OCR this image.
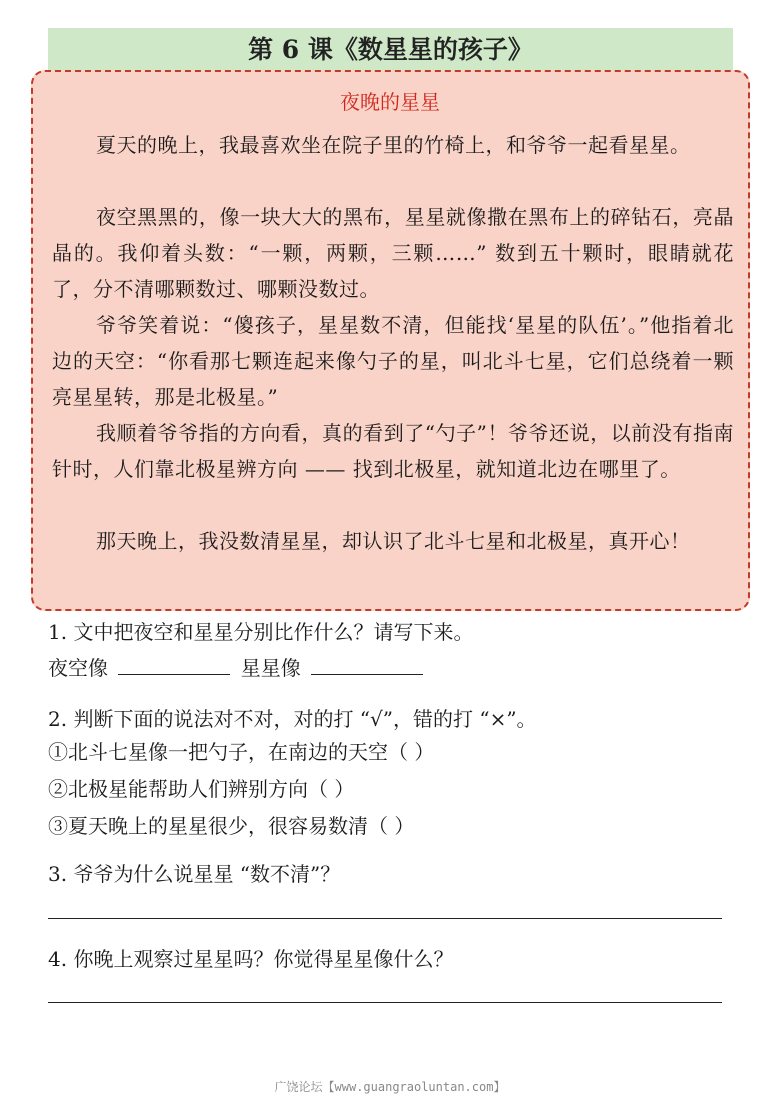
第 6 课《数星星的孩子》
夜晚的星星

夏天的晚上，我最喜欢坐在院子里的竹椅上，和爷爷一起看星星。

夜空黑黑的，像一块大大的黑布，星星就像撒在黑布上的碎钻石，亮晶晶的。我仰着头数：“一颗，两颗，三颗……” 数到五十颗时，眼睛就花了，分不清哪颗数过、哪颗没数过。

爷爷笑着说：“傻孩子，星星数不清，但能找‘星星的队伍’。”他指着北边的天空：“你看那七颗连起来像勺子的星，叫北斗七星，它们总绕着一颗亮星星转，那是北极星。”

我顺着爷爷指的方向看，真的看到了“勺子”！爷爷还说，以前没有指南针时，人们靠北极星辨方向 —— 找到北极星，就知道北边在哪里了。

那天晚上，我没数清星星，却认识了北斗七星和北极星，真开心！

1. 文中把夜空和星星分别比作什么？请写下来。

夜空像	星星像

2. 判断下面的说法对不对，对的打 “√”，错的打 “×”。

①北斗七星像一把勺子，在南边的天空（ ）

②北极星能帮助人们辨别方向（ ）

③夏天晚上的星星很少，很容易数清（ ）

3. 爷爷为什么说星星 “数不清”？

4. 你晚上观察过星星吗？你觉得星星像什么？

广饶论坛【www.guangraoluntan.com】
